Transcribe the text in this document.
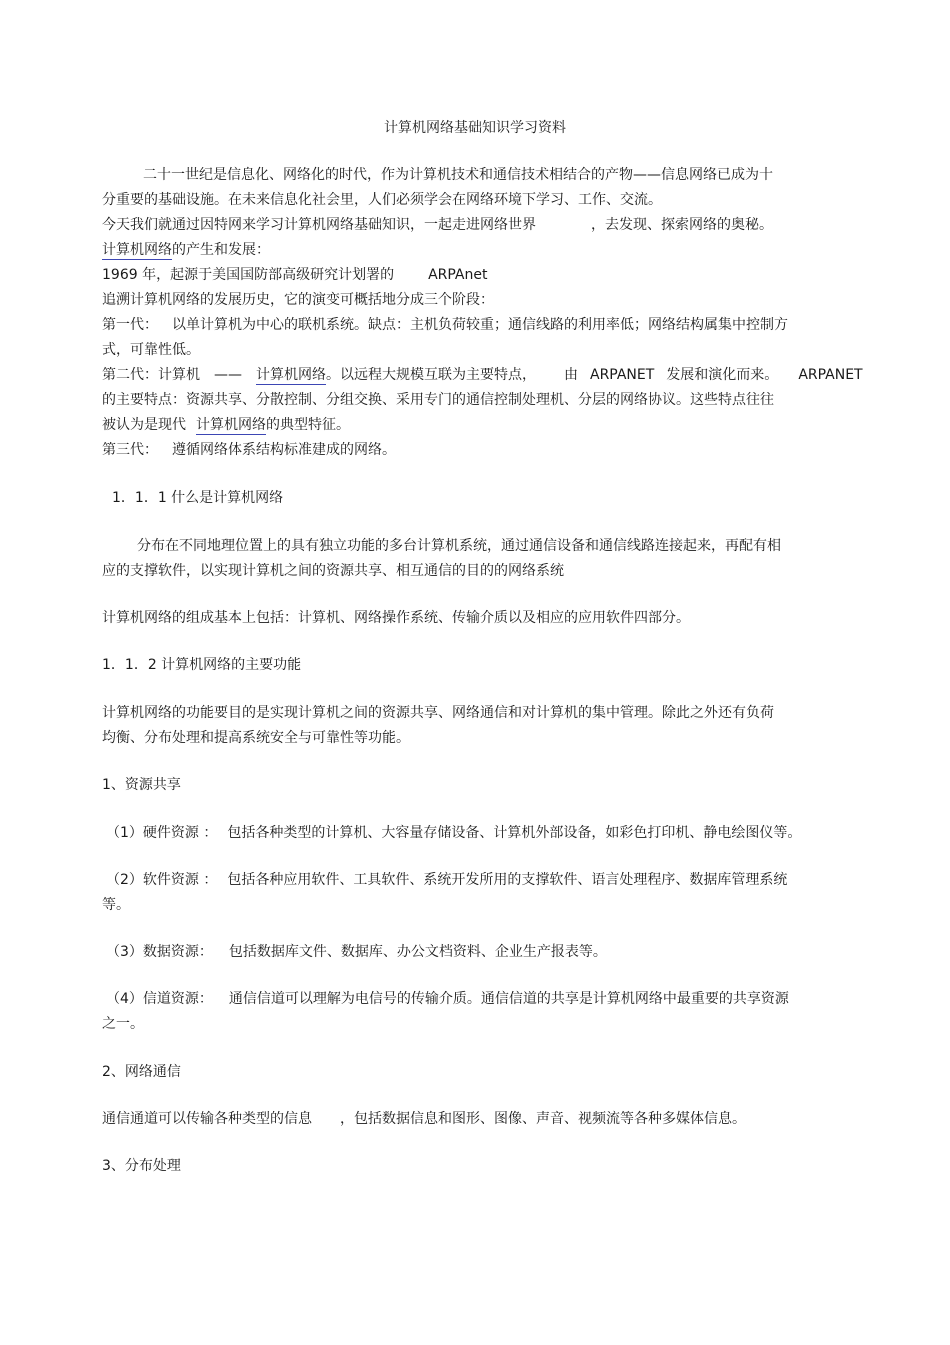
计算机网络基础知识学习资料

二十一世纪是信息化、网络化的时代，作为计算机技术和通信技术相结合的产物——信息网络已成为十

分重要的基础设施。在未来信息化社会里，人们必须学会在网络环境下学习、工作、交流。

今天我们就通过因特网来学习计算机网络基础知识，一起走进网络世界	，去发现、探索网络的奥秘。

计算机网络的产生和发展：

1969 年，起源于美国国防部高级研究计划署的 ARPAnet

追溯计算机网络的发展历史，它的演变可概括地分成三个阶段：

第一代： 以单计算机为中心的联机系统。缺点：主机负荷较重；通信线路的利用率低；网络结构属集中控制方

式，可靠性低。

第二代：计算机 —— 计算机网络。以远程大规模互联为主要特点， 由 ARPANET 发展和演化而来。 ARPANET

的主要特点：资源共享、分散控制、分组交换、采用专门的通信控制处理机、分层的网络协议。这些特点往往

被认为是现代 计算机网络的典型特征。

第三代： 遵循网络体系结构标准建成的网络。

1．1．1 什么是计算机网络

分布在不同地理位置上的具有独立功能的多台计算机系统，通过通信设备和通信线路连接起来，再配有相

应的支撑软件，以实现计算机之间的资源共享、相互通信的目的的网络系统

计算机网络的组成基本上包括：计算机、网络操作系统、传输介质以及相应的应用软件四部分。

1．1．2 计算机网络的主要功能

计算机网络的功能要目的是实现计算机之间的资源共享、网络通信和对计算机的集中管理。除此之外还有负荷

均衡、分布处理和提高系统安全与可靠性等功能。

1、资源共享

（1）硬件资源 ： 包括各种类型的计算机、大容量存储设备、计算机外部设备，如彩色打印机、静电绘图仪等。

（2）软件资源 ： 包括各种应用软件、工具软件、系统开发所用的支撑软件、语言处理程序、数据库管理系统

等。

（3）数据资源： 包括数据库文件、数据库、办公文档资料、企业生产报表等。

（4）信道资源： 通信信道可以理解为电信号的传输介质。通信信道的共享是计算机网络中最重要的共享资源

之一。

2、网络通信

通信通道可以传输各种类型的信息 ，包括数据信息和图形、图像、声音、视频流等各种多媒体信息。

3、分布处理
